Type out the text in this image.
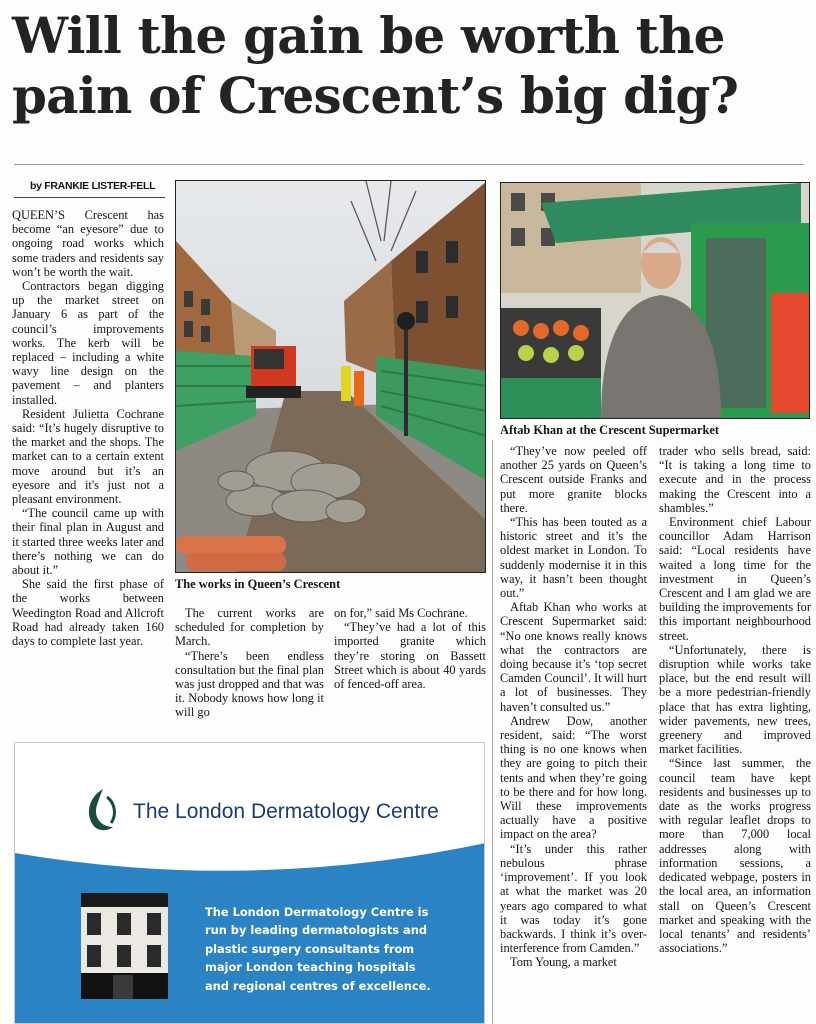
Will the gain be worth the
pain of Crescent’s big dig?
by FRANKIE LISTER-FELL

QUEEN’S Crescent has become “an eyesore” due to ongoing road works which some traders and residents say won’t be worth the wait.

Contractors began digging up the market street on January 6 as part of the council’s improvements works. The kerb will be replaced – including a white wavy line design on the pavement – and planters installed.

Resident Julietta Cochrane said: “It’s hugely disruptive to the market and the shops. The market can to a certain extent move around but it’s an eyesore and it's just not a pleasant environment.

“The council came up with their final plan in August and it started three weeks later and there’s nothing we can do about it.”

She said the first phase of the works between Weedington Road and Allcroft Road had already taken 160 days to complete last year.

The works in Queen’s Crescent

The current works are scheduled for completion by March.

“There’s been endless consultation but the final plan was just dropped and that was it. Nobody knows how long it will go

on for,” said Ms Cochrane.

“They’ve had a lot of this imported granite which they’re storing on Bassett Street which is about 40 yards of fenced-off area.

Aftab Khan at the Crescent Supermarket

“They’ve now peeled off another 25 yards on Queen’s Crescent outside Franks and put more granite blocks there.

“This has been touted as a historic street and it’s the oldest market in London. To suddenly modernise it in this way, it hasn’t been thought out.”

Aftab Khan who works at Crescent Supermarket said: “No one knows really knows what the contractors are doing because it’s ‘top secret Camden Council’. It will hurt a lot of businesses. They haven’t consulted us.”

Andrew Dow, another resident, said: “The worst thing is no one knows when they are going to pitch their tents and when they’re going to be there and for how long. Will these improvements actually have a positive impact on the area?

“It’s under this rather nebulous phrase ‘improvement’. If you look at what the market was 20 years ago compared to what it was today it’s gone backwards. I think it’s over-interference from Camden.”

Tom Young, a market

trader who sells bread, said: “It is taking a long time to execute and in the process making the Crescent into a shambles.”

Environment chief Labour councillor Adam Harrison said: “Local residents have waited a long time for the investment in Queen’s Crescent and I am glad we are building the improvements for this important neighbourhood street.

“Unfortunately, there is disruption while works take place, but the end result will be a more pedestrian-friendly place that has extra lighting, wider pavements, new trees, greenery and improved market facilities.

“Since last summer, the council team have kept residents and businesses up to date as the works progress with regular leaflet drops to more than 7,000 local addresses along with information sessions, a dedicated webpage, posters in the local area, an information stall on Queen’s Crescent market and speaking with the local tenants’ and residents’ associations.”

The London Dermatology Centre
The London Dermatology Centre is run by leading dermatologists and plastic surgery consultants from major London teaching hospitals and regional centres of excellence.
